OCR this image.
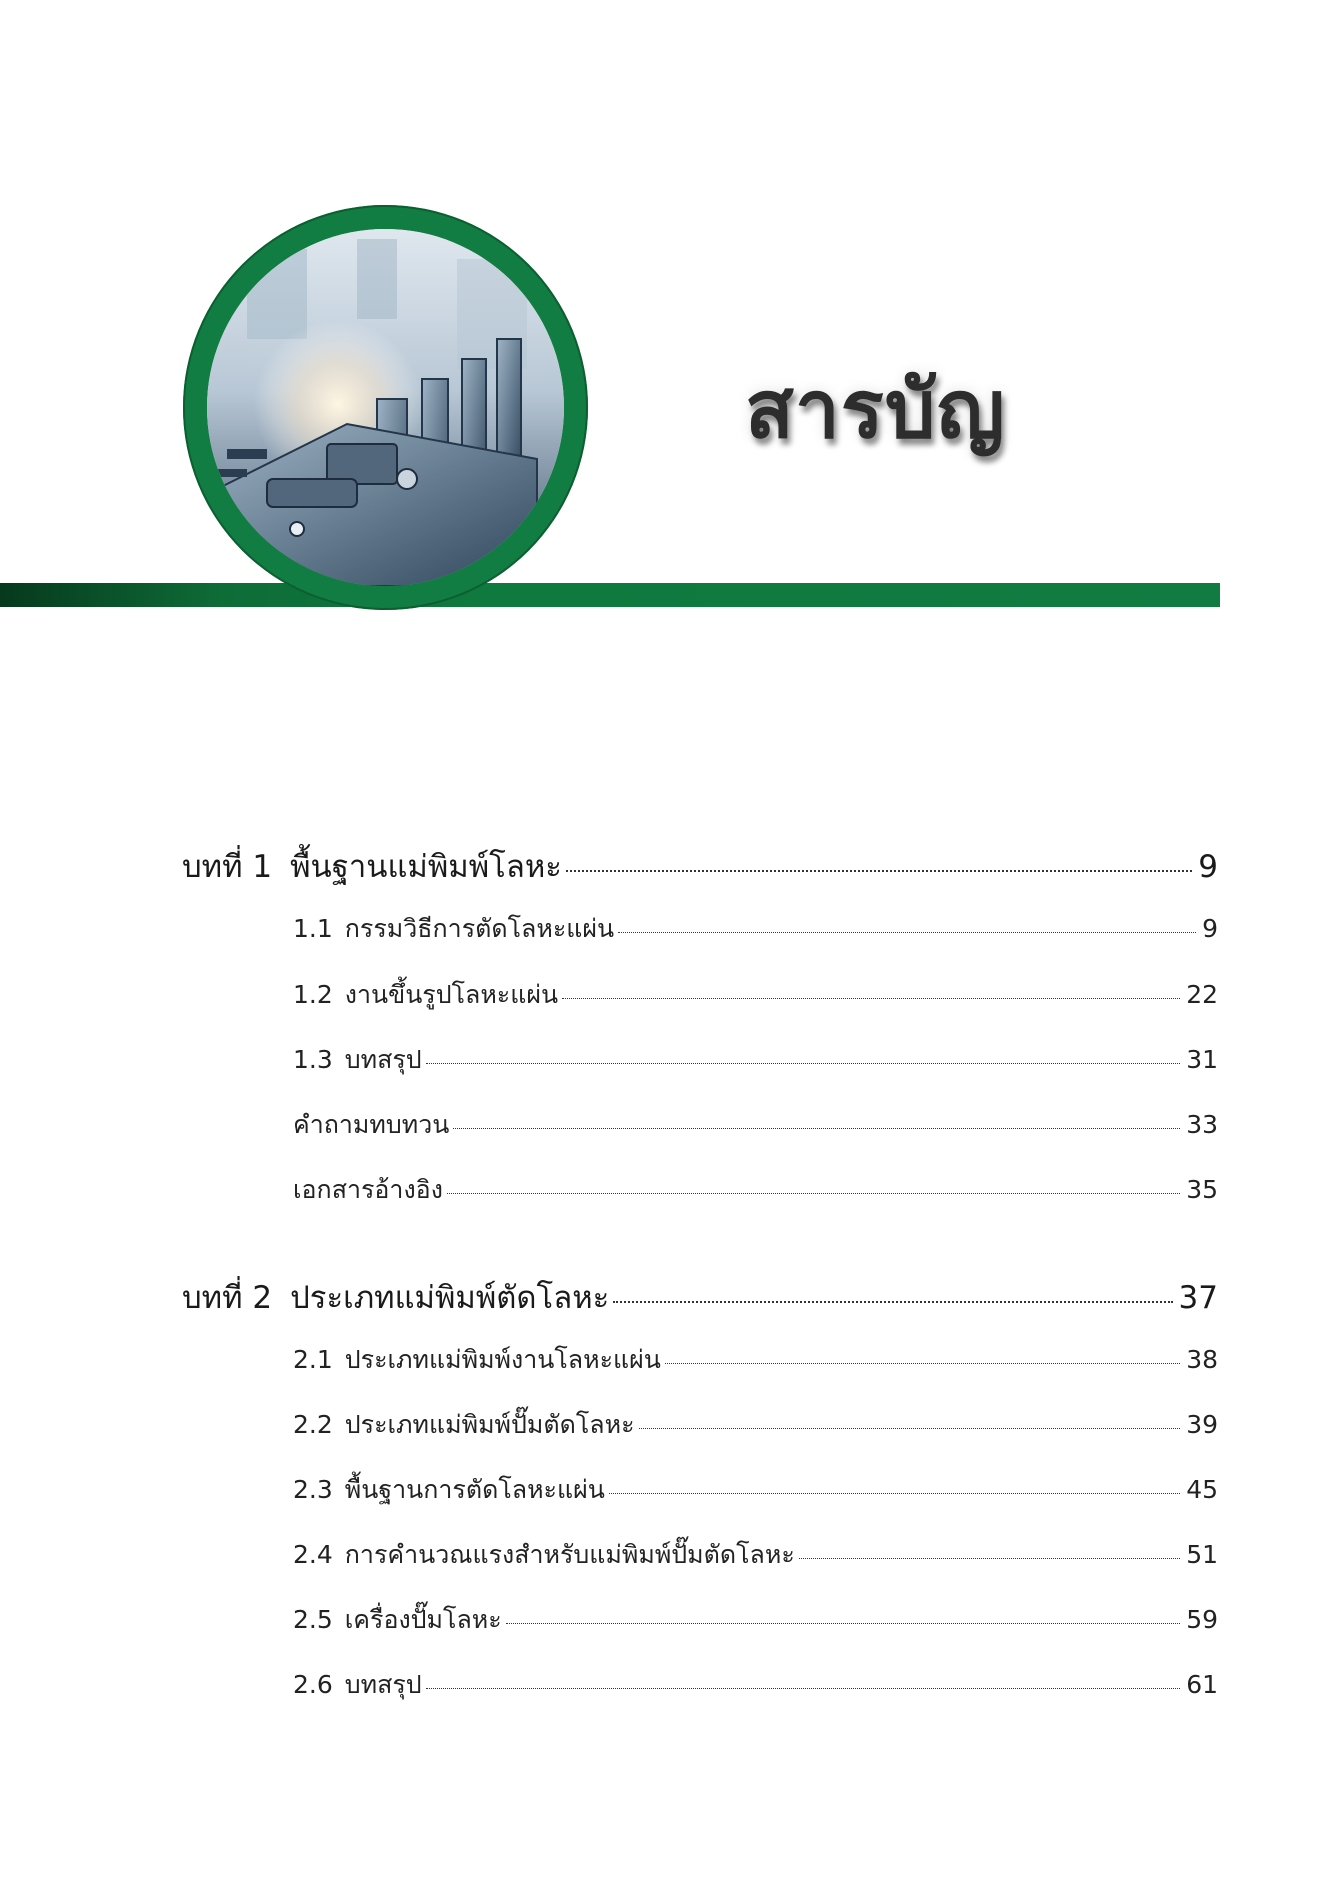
สารบัญ
บทที่ 1 พื้นฐานแม่พิมพ์โลหะ	9
1.1 กรรมวิธีการตัดโลหะแผ่น	9
1.2 งานขึ้นรูปโลหะแผ่น	22
1.3 บทสรุป	31
คำถามทบทวน	33
เอกสารอ้างอิง	35
บทที่ 2 ประเภทแม่พิมพ์ตัดโลหะ	37
2.1 ประเภทแม่พิมพ์งานโลหะแผ่น	38
2.2 ประเภทแม่พิมพ์ปั๊มตัดโลหะ	39
2.3 พื้นฐานการตัดโลหะแผ่น	45
2.4 การคำนวณแรงสำหรับแม่พิมพ์ปั๊มตัดโลหะ	51
2.5 เครื่องปั๊มโลหะ	59
2.6 บทสรุป	61
